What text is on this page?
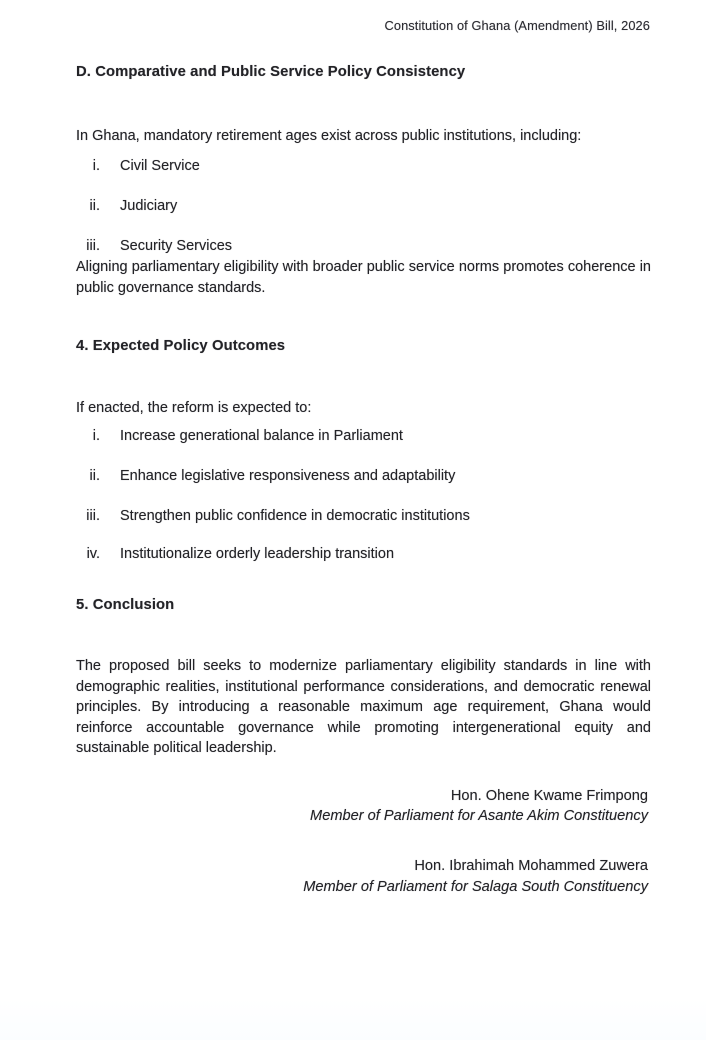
Constitution of Ghana (Amendment) Bill, 2026
D. Comparative and Public Service Policy Consistency
In Ghana, mandatory retirement ages exist across public institutions, including:
i. Civil Service
ii. Judiciary
iii. Security Services
Aligning parliamentary eligibility with broader public service norms promotes coherence in public governance standards.
4. Expected Policy Outcomes
If enacted, the reform is expected to:
i. Increase generational balance in Parliament
ii. Enhance legislative responsiveness and adaptability
iii. Strengthen public confidence in democratic institutions
iv. Institutionalize orderly leadership transition
5. Conclusion
The proposed bill seeks to modernize parliamentary eligibility standards in line with demographic realities, institutional performance considerations, and democratic renewal principles. By introducing a reasonable maximum age requirement, Ghana would reinforce accountable governance while promoting intergenerational equity and sustainable political leadership.
Hon. Ohene Kwame Frimpong
Member of Parliament for Asante Akim Constituency
Hon. Ibrahimah Mohammed Zuwera
Member of Parliament for Salaga South Constituency
